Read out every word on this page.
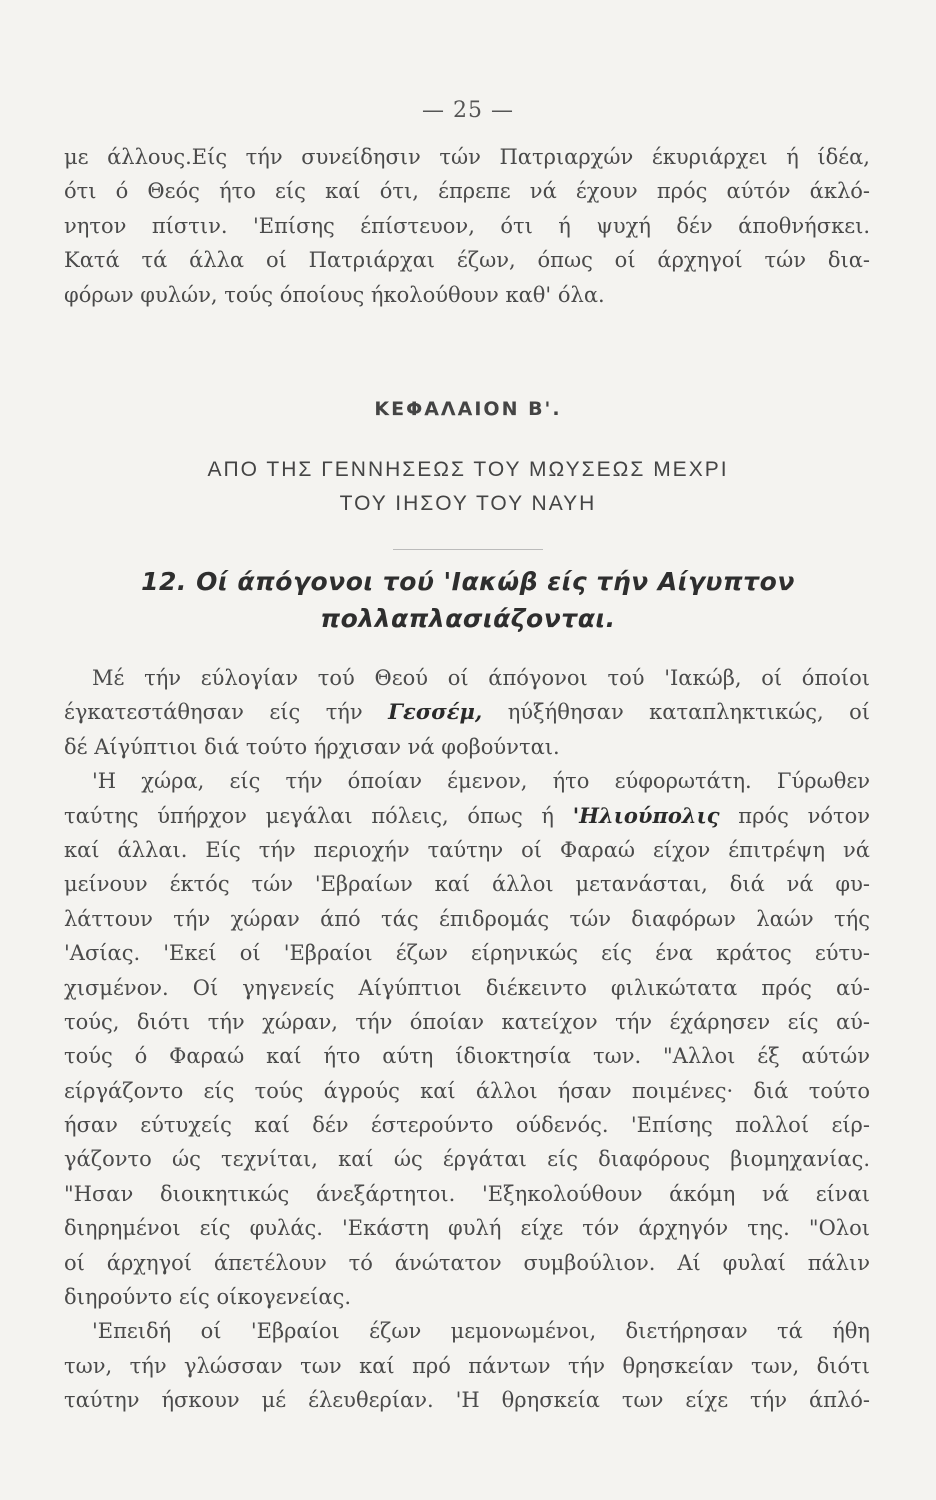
— 25 —
με άλλους.Είς τήν συνείδησιν τών Πατριαρχών έκυριάρχει ή ίδέα,
ότι ό Θεός ήτο είς καί ότι, έπρεπε νά έχουν πρός αύτόν άκλό-
νητον πίστιν. 'Επίσης έπίστευον, ότι ή ψυχή δέν άποθνήσκει.
Κατά τά άλλα οί Πατριάρχαι έζων, όπως οί άρχηγοί τών δια-
φόρων φυλών, τούς όποίους ήκολούθουν καθ' όλα.
ΚΕΦΑΛΑΙΟΝ Β'.
ΑΠΟ ΤΗΣ ΓΕΝΝΗΣΕΩΣ ΤΟΥ ΜΩΥΣΕΩΣ ΜΕΧΡΙ
ΤΟΥ ΙΗΣΟΥ ΤΟΥ ΝΑΥΗ
12. Οί άπόγονοι τού 'Ιακώβ είς τήν Αίγυπτον
πολλαπλασιάζονται.
Μέ τήν εύλογίαν τού Θεού οί άπόγονοι τού 'Ιακώβ, οί όποίοι
έγκατεστάθησαν είς τήν Γεσσέμ, ηύξήθησαν καταπληκτικώς, οί
δέ Αίγύπτιοι διά τούτο ήρχισαν νά φοβούνται.
'Η χώρα, είς τήν όποίαν έμενον, ήτο εύφορωτάτη. Γύρωθεν
ταύτης ύπήρχον μεγάλαι πόλεις, όπως ή 'Ηλιούπολις πρός νότον
καί άλλαι. Είς τήν περιοχήν ταύτην οί Φαραώ είχον έπιτρέψη νά
μείνουν έκτός τών 'Εβραίων καί άλλοι μετανάσται, διά νά φυ-
λάττουν τήν χώραν άπό τάς έπιδρομάς τών διαφόρων λαών τής
'Ασίας. 'Εκεί οί 'Εβραίοι έζων είρηνικώς είς ένα κράτος εύτυ-
χισμένον. Οί γηγενείς Αίγύπτιοι διέκειντο φιλικώτατα πρός αύ-
τούς, διότι τήν χώραν, τήν όποίαν κατείχον τήν έχάρησεν είς αύ-
τούς ό Φαραώ καί ήτο αύτη ίδιοκτησία των. "Αλλοι έξ αύτών
είργάζοντο είς τούς άγρούς καί άλλοι ήσαν ποιμένες· διά τούτο
ήσαν εύτυχείς καί δέν έστερούντο ούδενός. 'Επίσης πολλοί είρ-
γάζοντο ώς τεχνίται, καί ώς έργάται είς διαφόρους βιομηχανίας.
"Ησαν διοικητικώς άνεξάρτητοι. 'Εξηκολούθουν άκόμη νά είναι
διηρημένοι είς φυλάς. 'Εκάστη φυλή είχε τόν άρχηγόν της. "Ολοι
οί άρχηγοί άπετέλουν τό άνώτατον συμβούλιον. Αί φυλαί πάλιν
διηρούντο είς οίκογενείας.
'Επειδή οί 'Εβραίοι έζων μεμονωμένοι, διετήρησαν τά ήθη
των, τήν γλώσσαν των καί πρό πάντων τήν θρησκείαν των, διότι
ταύτην ήσκουν μέ έλευθερίαν. 'Η θρησκεία των είχε τήν άπλό-
